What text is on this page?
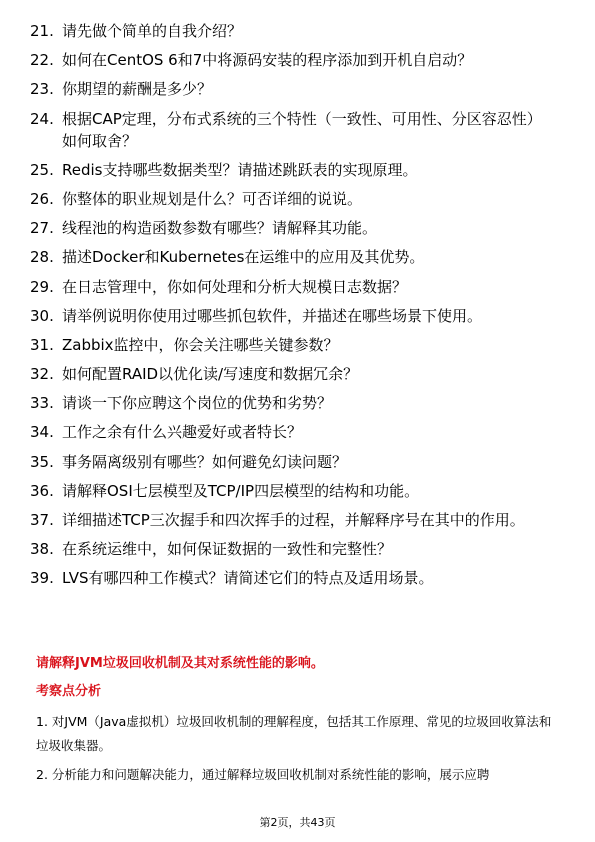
21. 请先做个简单的自我介绍？
22. 如何在CentOS 6和7中将源码安装的程序添加到开机自启动？
23. 你期望的薪酬是多少？
24. 根据CAP定理，分布式系统的三个特性（一致性、可用性、分区容忍性）如何取舍？
25. Redis支持哪些数据类型？请描述跳跃表的实现原理。
26. 你整体的职业规划是什么？可否详细的说说。
27. 线程池的构造函数参数有哪些？请解释其功能。
28. 描述Docker和Kubernetes在运维中的应用及其优势。
29. 在日志管理中，你如何处理和分析大规模日志数据？
30. 请举例说明你使用过哪些抓包软件，并描述在哪些场景下使用。
31. Zabbix监控中，你会关注哪些关键参数？
32. 如何配置RAID以优化读/写速度和数据冗余？
33. 请谈一下你应聘这个岗位的优势和劣势？
34. 工作之余有什么兴趣爱好或者特长？
35. 事务隔离级别有哪些？如何避免幻读问题？
36. 请解释OSI七层模型及TCP/IP四层模型的结构和功能。
37. 详细描述TCP三次握手和四次挥手的过程，并解释序号在其中的作用。
38. 在系统运维中，如何保证数据的一致性和完整性？
39. LVS有哪四种工作模式？请简述它们的特点及适用场景。
请解释JVM垃圾回收机制及其对系统性能的影响。
考察点分析
1. 对JVM（Java虚拟机）垃圾回收机制的理解程度，包括其工作原理、常见的垃圾回收算法和垃圾收集器。
2. 分析能力和问题解决能力，通过解释垃圾回收机制对系统性能的影响，展示应聘
第2页，共43页
